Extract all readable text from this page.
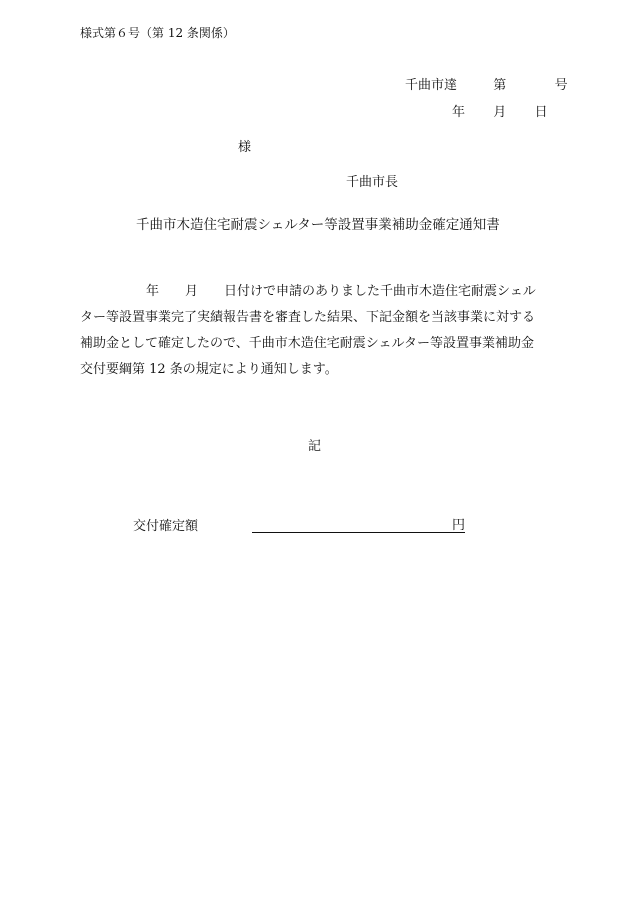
様式第６号（第 12 条関係）
千曲市達	第	号
年 月 日
様
千曲市長
千曲市木造住宅耐震シェルター等設置事業補助金確定通知書
年　　月　　日付けで申請のありました千曲市木造住宅耐震シェル
ター等設置事業完了実績報告書を審査した結果、下記金額を当該事業に対する
補助金として確定したので、千曲市木造住宅耐震シェルター等設置事業補助金
交付要綱第 12 条の規定により通知します。
記
交付確定額	円
